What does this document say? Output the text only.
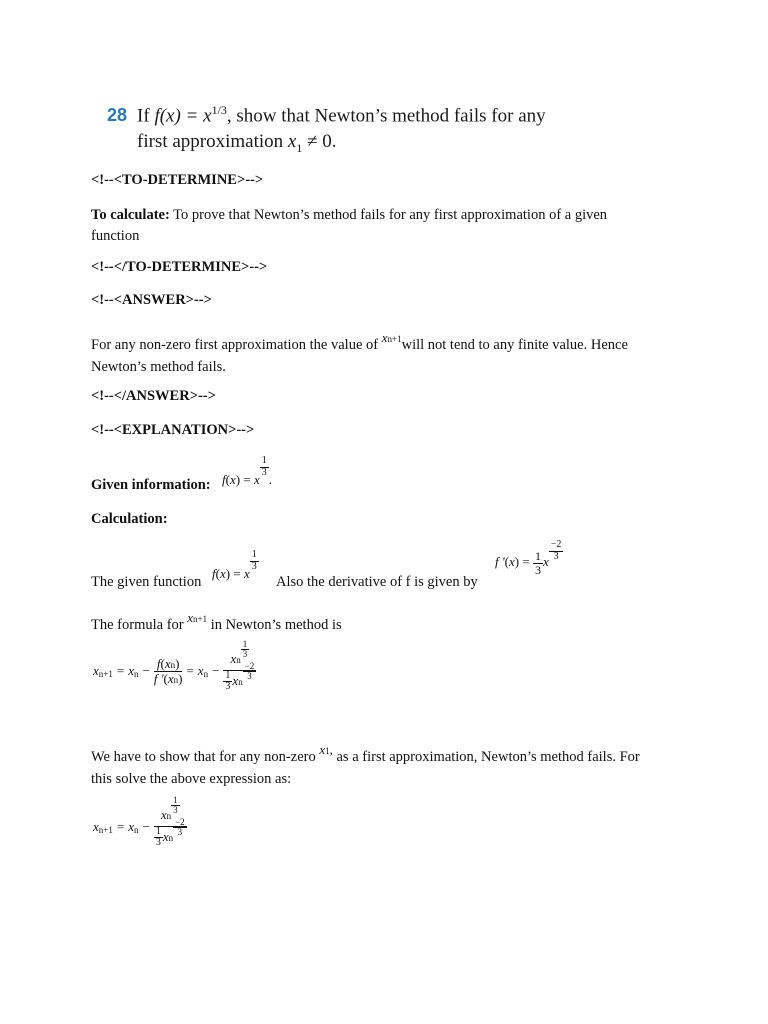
28 If $f(x) = x^{1/3}$, show that Newton’s method fails for any
first approximation $x_1 \ne 0$.
<!--<TO-DETERMINE>-->
To calculate: To prove that Newton’s method fails for any first approximation of a given
function
<!--</TO-DETERMINE>-->
<!--<ANSWER>-->
For any non-zero first approximation the value of xn+1will not tend to any finite value. Hence
Newton’s method fails.
<!--</ANSWER>-->
<!--<EXPLANATION>-->
Given information: f(x) = x
$\frac{1}{3}$
.
Calculation:
The given function
f(x) = x
$\frac{1}{3}$
Also the derivative of f is given by
f '$(x) = \frac{1}{3}$ x $\frac{-2}{3}$
The formula for xn+1 in Newton’s method is
x n+1 = x $n - \frac{f(xn)}{f '(xn)} = x$ n − xn
$\frac{1}{3}$
$\frac{1}{3}$ xn
$\frac{-2}{3}$
We have to show that for any non-zero x1, as a first approximation, Newton’s method fails. For
this solve the above expression as:
x n+1 = x n − xn
$\frac{1}{3}$
$\frac{1}{3}$ xn
$\frac{-2}{3}$
